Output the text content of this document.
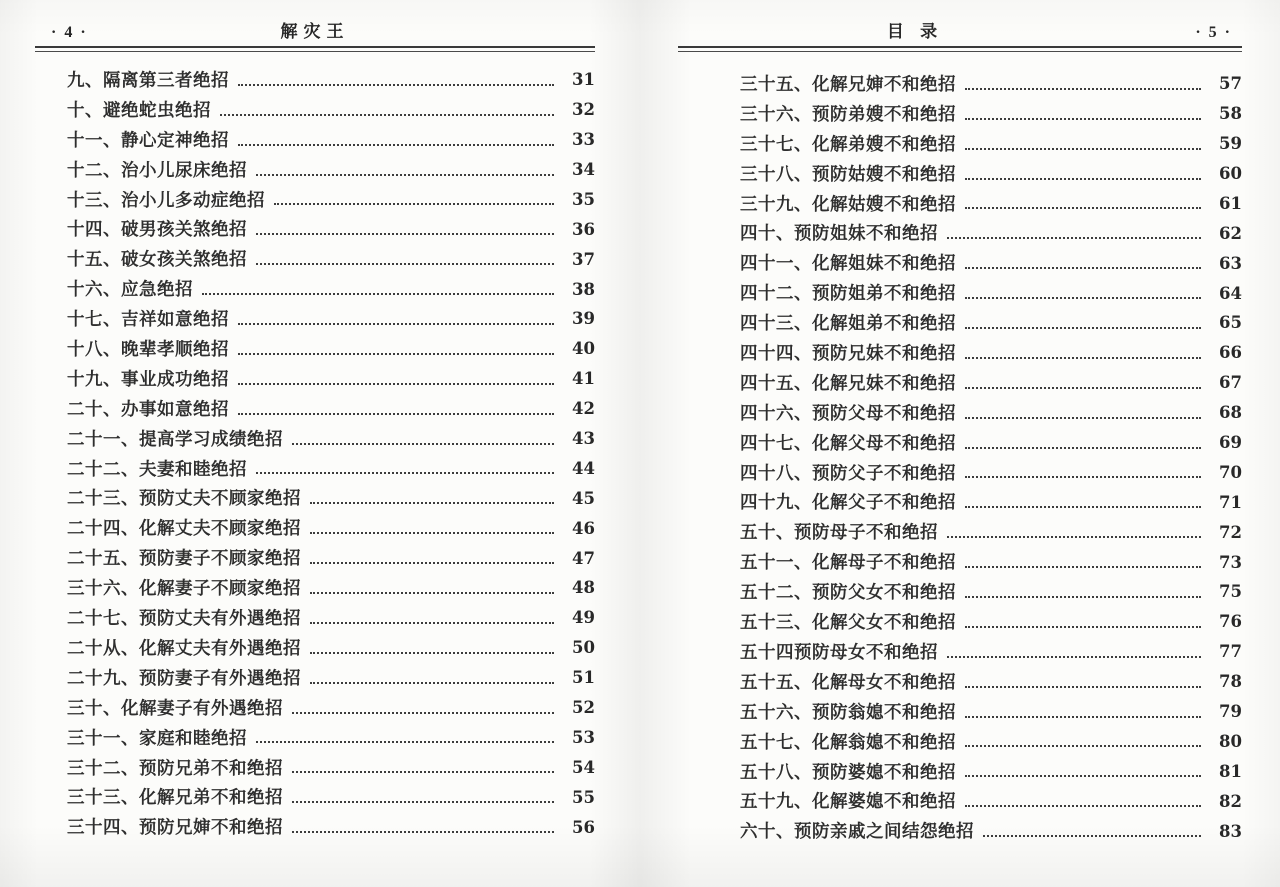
· 4 ·	解灾王
九、隔离第三者绝招	31
十、避绝蛇虫绝招	32
十一、静心定神绝招	33
十二、治小儿尿床绝招	34
十三、治小儿多动症绝招	35
十四、破男孩关煞绝招	36
十五、破女孩关煞绝招	37
十六、应急绝招	38
十七、吉祥如意绝招	39
十八、晚辈孝顺绝招	40
十九、事业成功绝招	41
二十、办事如意绝招	42
二十一、提高学习成绩绝招	43
二十二、夫妻和睦绝招	44
二十三、预防丈夫不顾家绝招	45
二十四、化解丈夫不顾家绝招	46
二十五、预防妻子不顾家绝招	47
三十六、化解妻子不顾家绝招	48
二十七、预防丈夫有外遇绝招	49
二十从、化解丈夫有外遇绝招	50
二十九、预防妻子有外遇绝招	51
三十、化解妻子有外遇绝招	52
三十一、家庭和睦绝招	53
三十二、预防兄弟不和绝招	54
三十三、化解兄弟不和绝招	55
三十四、预防兄婶不和绝招	56
目 录	· 5 ·
三十五、化解兄婶不和绝招	57
三十六、预防弟嫂不和绝招	58
三十七、化解弟嫂不和绝招	59
三十八、预防姑嫂不和绝招	60
三十九、化解姑嫂不和绝招	61
四十、预防姐妹不和绝招	62
四十一、化解姐妹不和绝招	63
四十二、预防姐弟不和绝招	64
四十三、化解姐弟不和绝招	65
四十四、预防兄妹不和绝招	66
四十五、化解兄妹不和绝招	67
四十六、预防父母不和绝招	68
四十七、化解父母不和绝招	69
四十八、预防父子不和绝招	70
四十九、化解父子不和绝招	71
五十、预防母子不和绝招	72
五十一、化解母子不和绝招	73
五十二、预防父女不和绝招	75
五十三、化解父女不和绝招	76
五十四预防母女不和绝招	77
五十五、化解母女不和绝招	78
五十六、预防翁媳不和绝招	79
五十七、化解翁媳不和绝招	80
五十八、预防婆媳不和绝招	81
五十九、化解婆媳不和绝招	82
六十、预防亲戚之间结怨绝招	83
